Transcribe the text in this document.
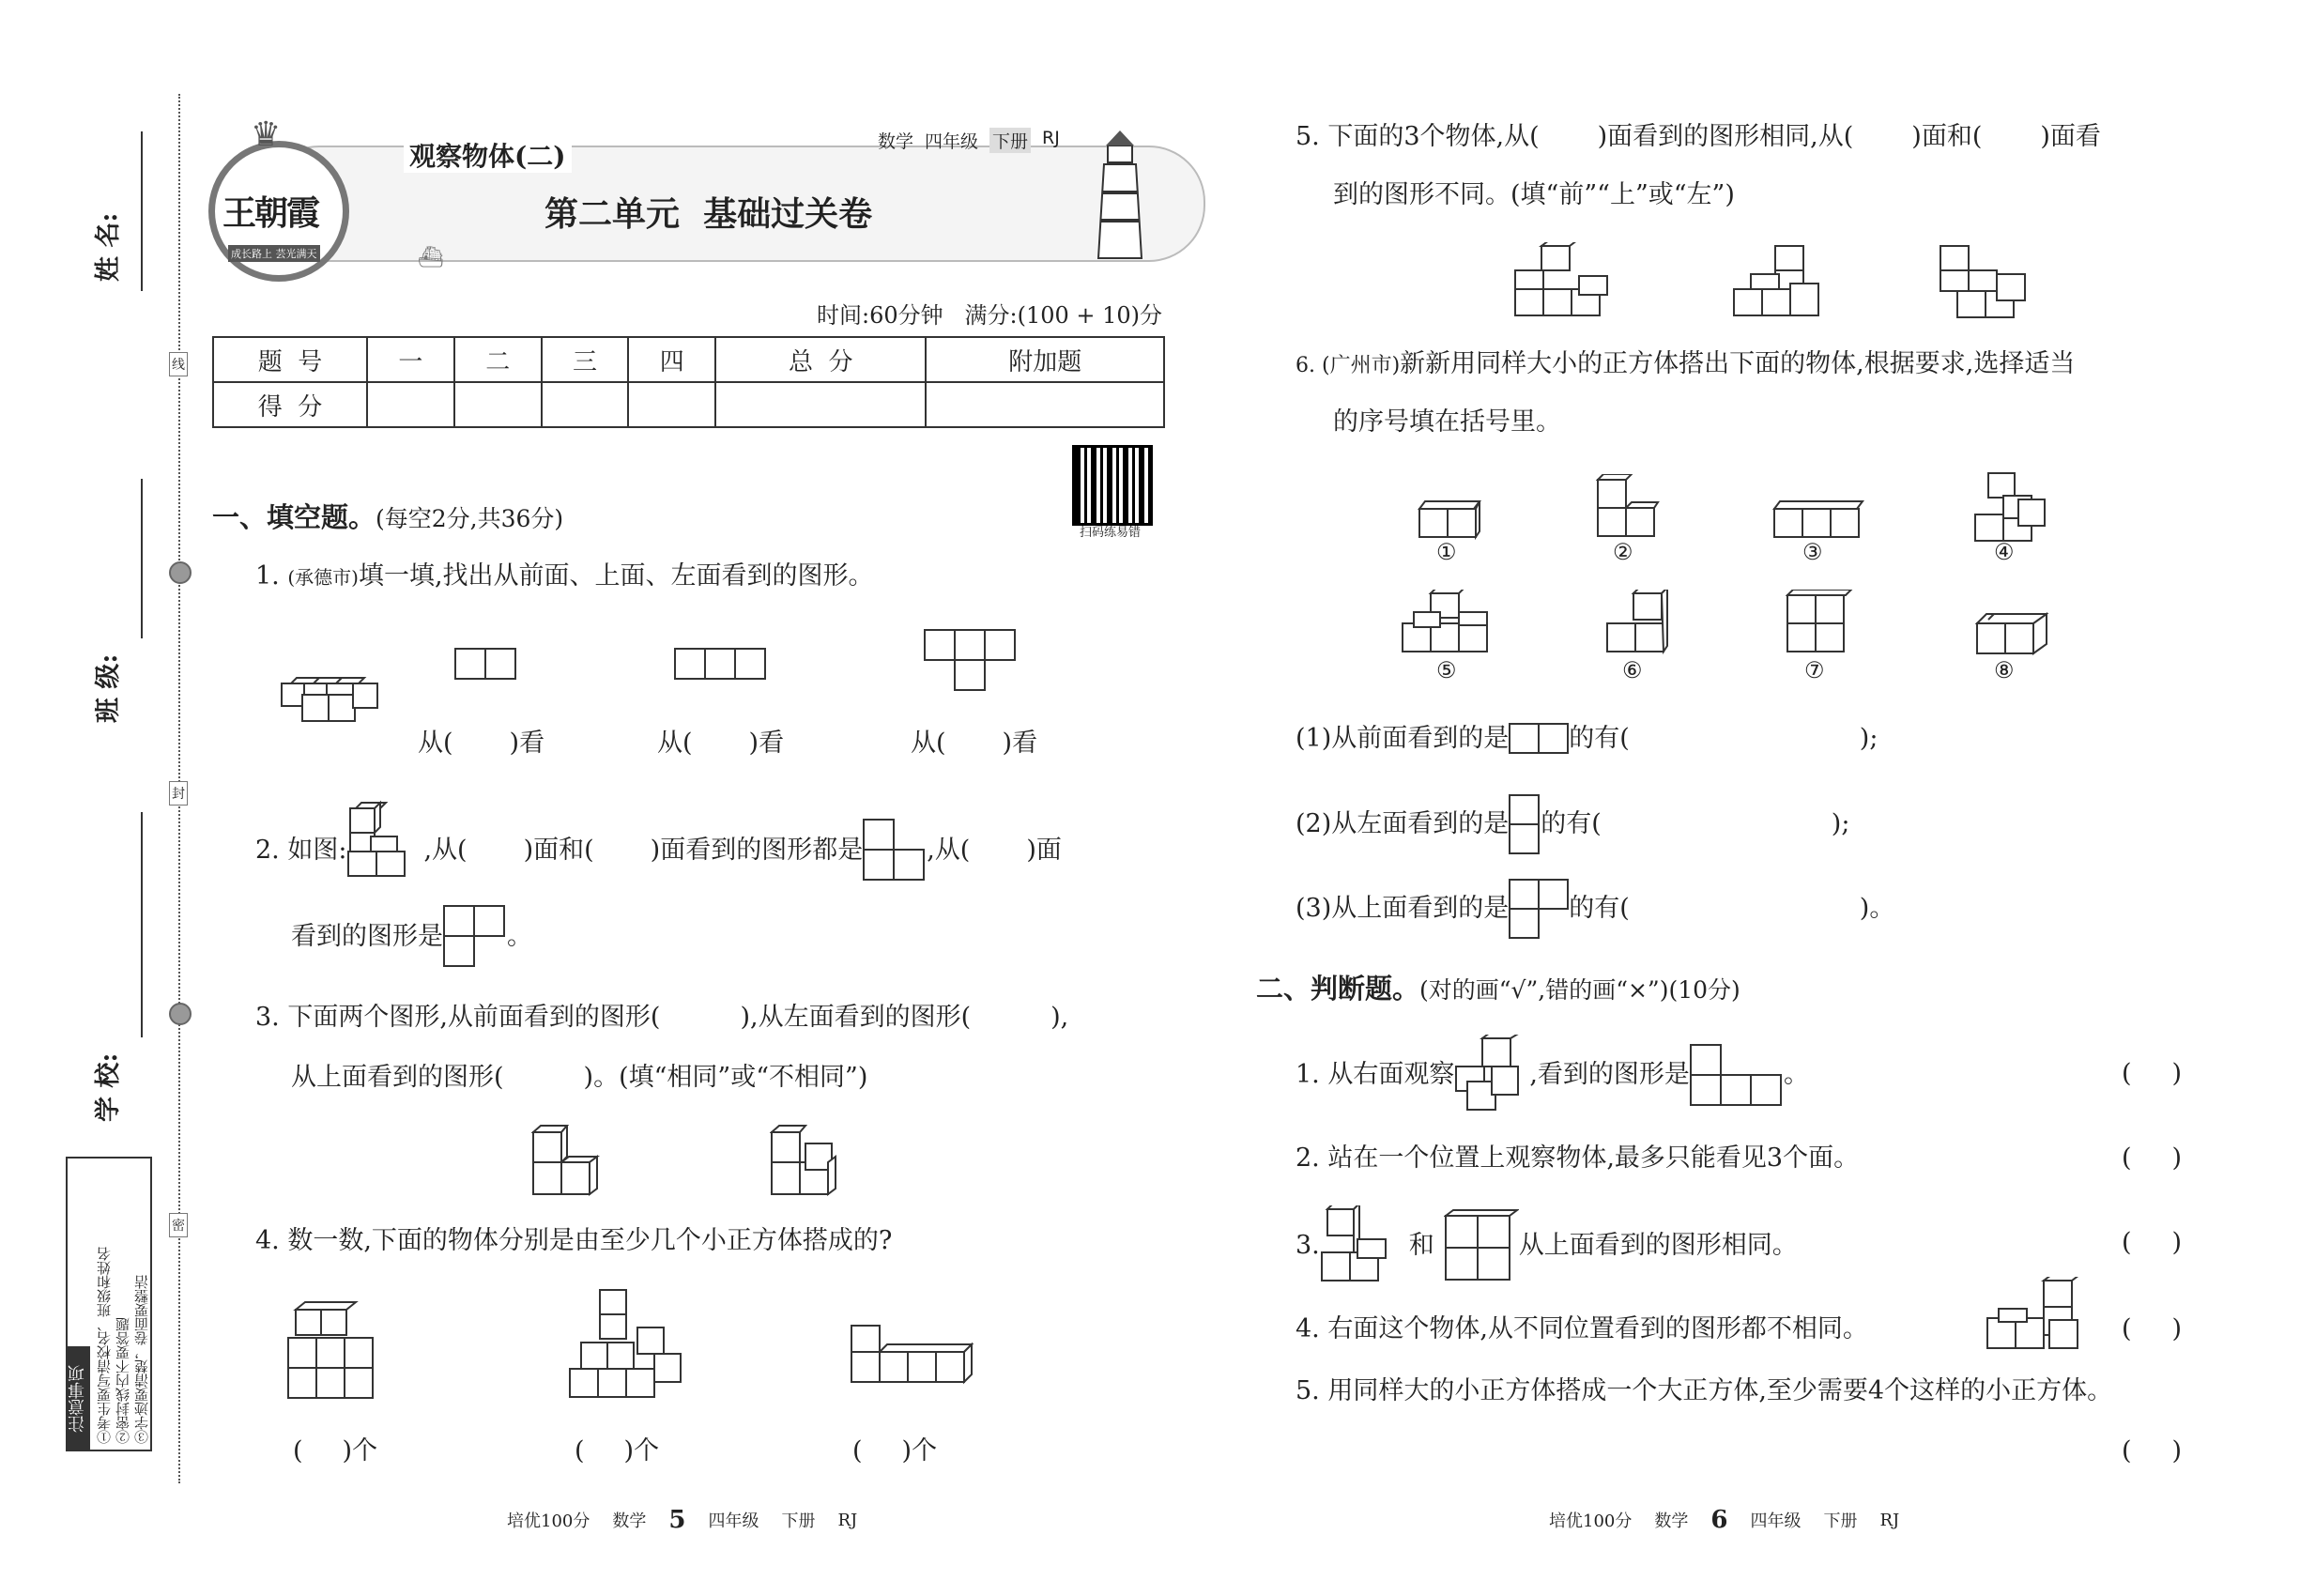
姓 名:
班 级:
学 校:
线
封
密
注意事项 ①考生要写清校名、班级和姓名 ②密封线内不要答题 ③字迹要清楚，卷面要整洁
♛
王朝霞
成长路上 芸光满天
观察物体(二)	数学 四年级 下册 RJ
第二单元  基础过关卷
⛴
时间:60分钟   满分:(100 + 10)分
题  号	一	二	三	四	总  分	附加题
得  分						
扫码练易错
一、填空题。(每空2分,共36分)
1. (承德市)填一填,找出从前面、上面、左面看到的图形。
从( )看	从( )看	从( )看
2. 如图:	,从( )面和( )面看到的图形都是	,从( )面
看到的图形是	。
3. 下面两个图形,从前面看到的图形(	),从左面看到的图形(	),
从上面看到的图形(	)。(填“相同”或“不相同”)
4. 数一数,下面的物体分别是由至少几个小正方体搭成的?
( )个	( )个	( )个
培优100分 数学 5 四年级 下册 RJ
5. 下面的3个物体,从( )面看到的图形相同,从( )面和( )面看
到的图形不同。(填“前”“上”或“左”)
6. (广州市)新新用同样大小的正方体搭出下面的物体,根据要求,选择适当
的序号填在括号里。
①	②	③	④
⑤	⑥	⑦	⑧
(1)从前面看到的是 的有(	);
(2)从左面看到的是 的有(	);
(3)从上面看到的是 的有(	)。
二、判断题。(对的画“√”,错的画“×”)(10分)
1. 从右面观察	,看到的图形是	。	(     )
2. 站在一个位置上观察物体,最多只能看见3个面。	(     )
3.	和	从上面看到的图形相同。	(     )
4. 右面这个物体,从不同位置看到的图形都不相同。	(     )
5. 用同样大的小正方体搭成一个大正方体,至少需要4个这样的小正方体。
(     )
培优100分 数学 6 四年级 下册 RJ
